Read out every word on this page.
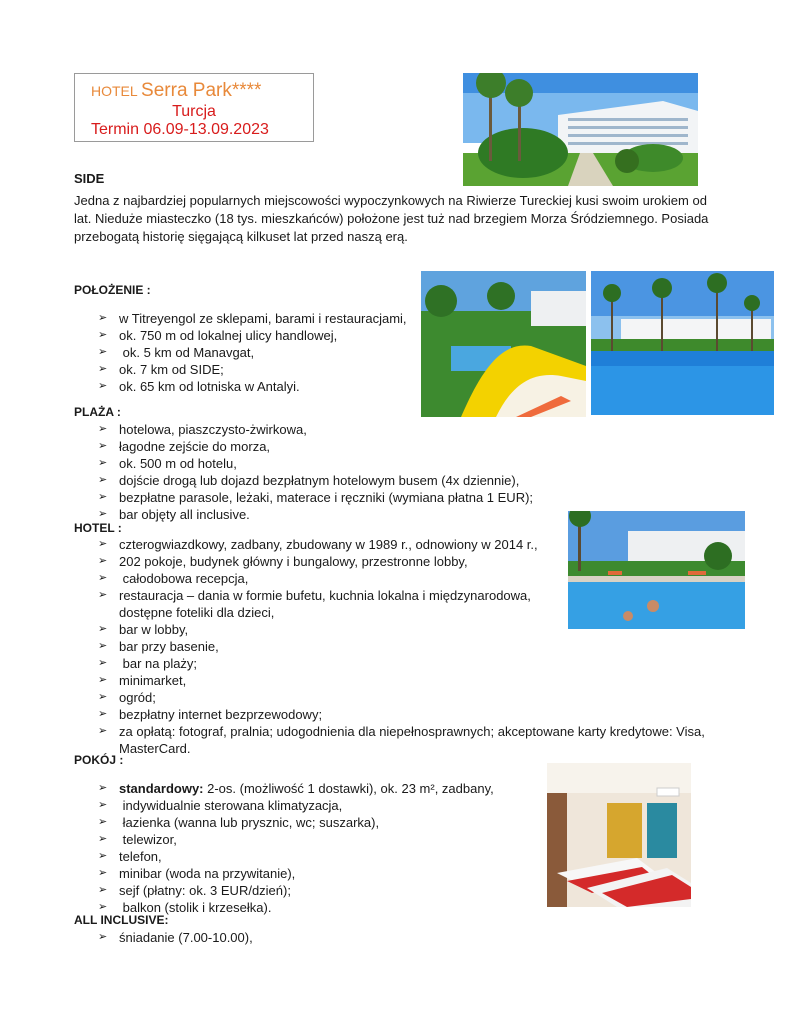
HOTEL Serra Park****
Turcja
Termin 06.09-13.09.2023
SIDE
Jedna z najbardziej popularnych miejscowości wypoczynkowych na Riwierze Tureckiej kusi swoim urokiem od lat. Nieduże miasteczko (18 tys. mieszkańców) położone jest tuż nad brzegiem Morza Śródziemnego. Posiada przebogatą historię sięgającą kilkuset lat przed naszą erą.
POŁOŻENIE :
➢ w Titreyengol ze sklepami, barami i restauracjami,
➢ ok. 750 m od lokalnej ulicy handlowej,
➢ ok. 5 km od Manavgat,
➢ ok. 7 km od SIDE;
➢ ok. 65 km od lotniska w Antalyi.
PLAŻA :
➢ hotelowa, piaszczysto-żwirkowa,
➢ łagodne zejście do morza,
➢ ok. 500 m od hotelu,
➢ dojście drogą lub dojazd bezpłatnym hotelowym busem (4x dziennie),
➢ bezpłatne parasole, leżaki, materace i ręczniki (wymiana płatna 1 EUR);
➢ bar objęty all inclusive.
HOTEL :
➢ czterogwiazdkowy, zadbany, zbudowany w 1989 r., odnowiony w 2014 r.,
➢ 202 pokoje, budynek główny i bungalowy, przestronne lobby,
➢ całodobowa recepcja,
➢ restauracja – dania w formie bufetu, kuchnia lokalna i międzynarodowa, dostępne foteliki dla dzieci,
➢ bar w lobby,
➢ bar przy basenie,
➢ bar na plaży;
➢ minimarket,
➢ ogród;
➢ bezpłatny internet bezprzewodowy;
➢ za opłatą: fotograf, pralnia; udogodnienia dla niepełnosprawnych; akceptowane karty kredytowe: Visa, MasterCard.
POKÓJ :
➢ standardowy: 2-os. (możliwość 1 dostawki), ok. 23 m², zadbany,
➢ indywidualnie sterowana klimatyzacja,
➢ łazienka (wanna lub prysznic, wc; suszarka),
➢ telewizor,
➢ telefon,
➢ minibar (woda na przywitanie),
➢ sejf (płatny: ok. 3 EUR/dzień);
➢ balkon (stolik i krzesełka).
ALL INCLUSIVE:
➢ śniadanie (7.00-10.00),
